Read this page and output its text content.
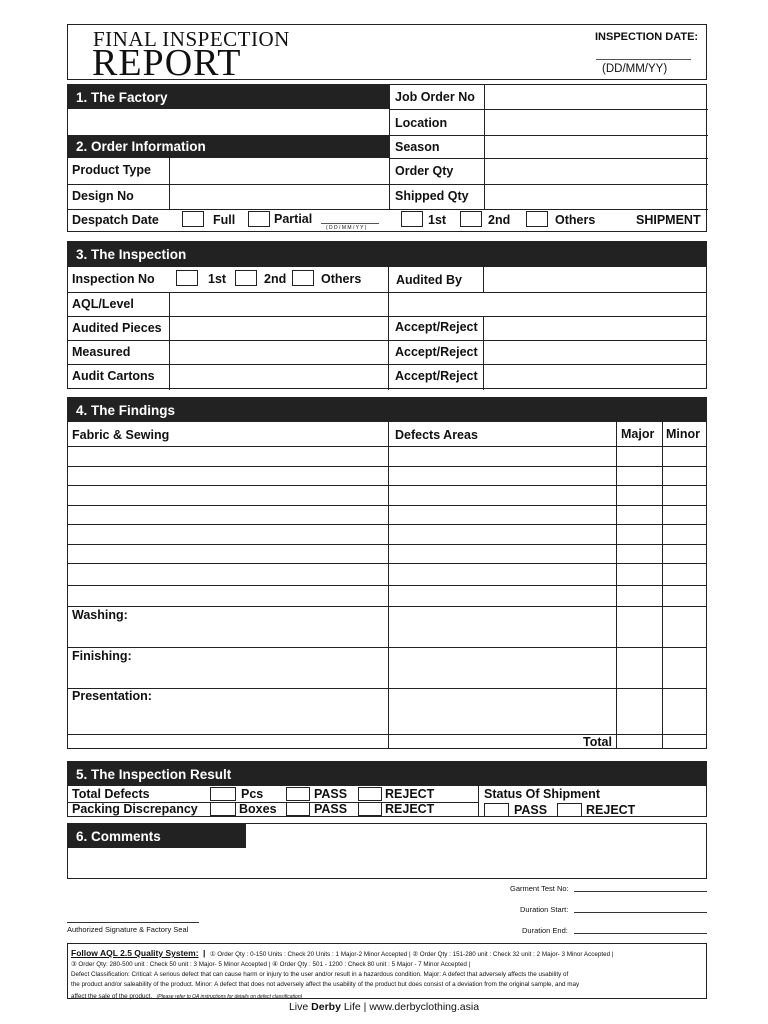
FINAL INSPECTION
REPORT
INSPECTION DATE:
(DD/MM/YY)
1. The Factory
2. Order Information
Job Order No
Location
Season
Order Qty
Shipped Qty
Product Type
Design No
Despatch Date	Full	Partial
( D D / M M / Y Y )
1st	2nd	Others	SHIPMENT
3. The Inspection
Inspection No	1st	2nd	Others	Audited By
AQL/Level
Audited Pieces	Accept/Reject
Measured	Accept/Reject
Audit Cartons	Accept/Reject
4. The Findings
Fabric & Sewing	Defects Areas	Major Minor
Washing:
Finishing:
Presentation:
Total
5. The Inspection Result
Total Defects	Pcs	PASS	REJECT
Packing Discrepancy	Boxes	PASS	REJECT
Status Of Shipment
PASS	REJECT
6. Comments
Garment Test No:
Duration Start:
Duration End:
Authorized Signature & Factory Seal
Follow AQL 2.5 Quality System: | ① Order Qty : 0-150 Units : Check 20 Units : 1 Major-2 Minor Accepted | ② Order Qty : 151-280 unit : Check 32 unit : 2 Major- 3 Minor Accepted |
③ Order Qty: 280-500 unit : Check 50 unit : 3 Major- 5 Minor Accepted | ④ Order Qty : 501 - 1200 : Check 80 unit : 5 Major - 7 Minor Accepted |
Defect Classification: Critical: A serious defect that can cause harm or injury to the user and/or result in a hazardous condition. Major: A defect that adversely affects the usability of
the product and/or saleability of the product. Minor: A defect that does not adversely affect the usability of the product but does consist of a deviation from the original sample, and may
affect the sale of the product. (Please refer to QA instructions for details on defect classification)
Live Derby Life | www.derbyclothing.asia
